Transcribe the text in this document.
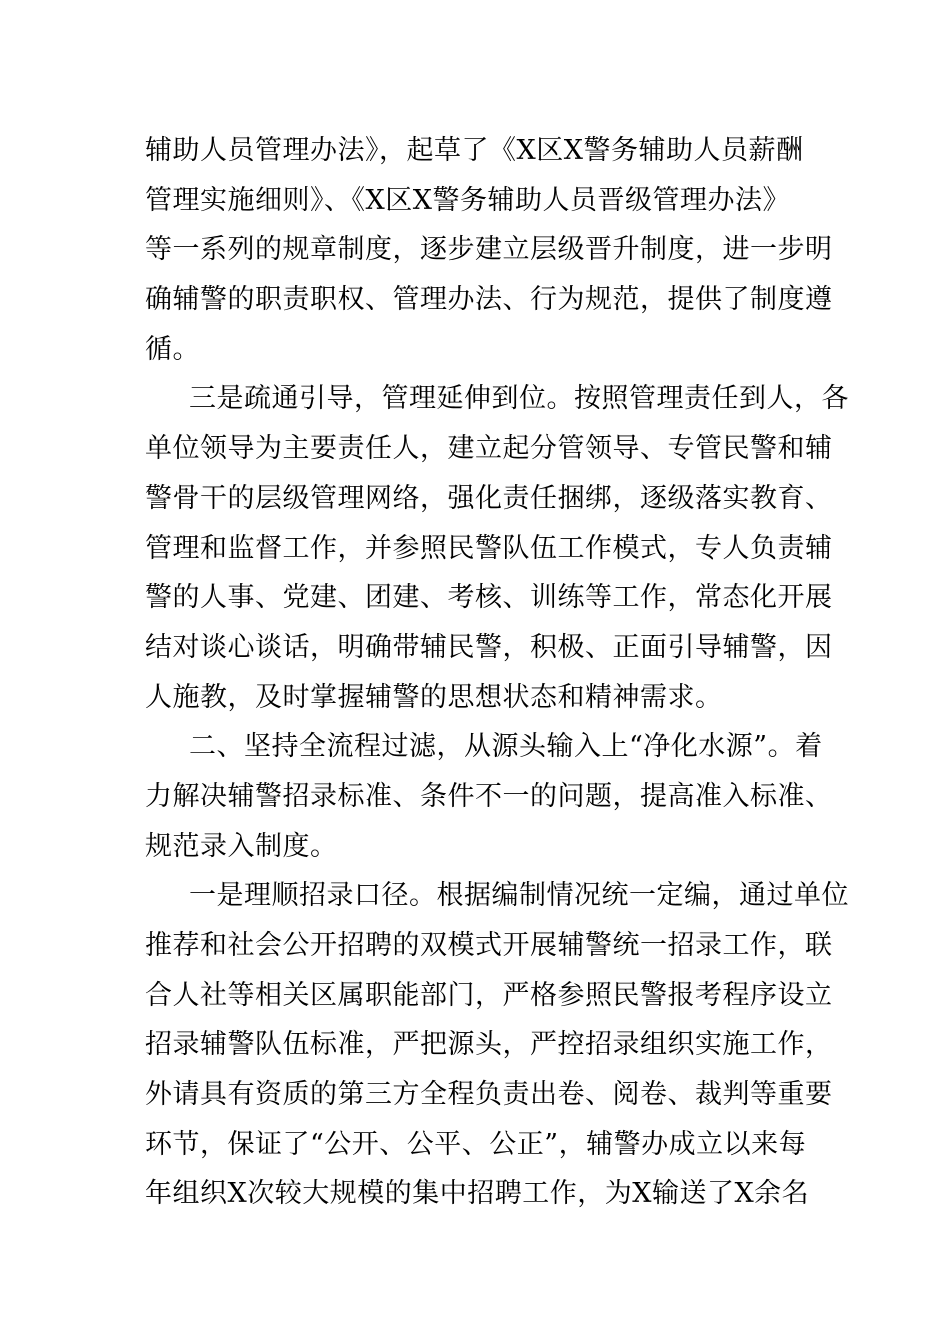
辅助人员管理办法》，起草了《X区X警务辅助人员薪酬
管理实施细则》、《X区X警务辅助人员晋级管理办法》
等一系列的规章制度，逐步建立层级晋升制度，进一步明
确辅警的职责职权、管理办法、行为规范，提供了制度遵
循。
三是疏通引导，管理延伸到位。按照管理责任到人，各
单位领导为主要责任人，建立起分管领导、专管民警和辅
警骨干的层级管理网络，强化责任捆绑，逐级落实教育、
管理和监督工作，并参照民警队伍工作模式，专人负责辅
警的人事、党建、团建、考核、训练等工作，常态化开展
结对谈心谈话，明确带辅民警，积极、正面引导辅警，因
人施教，及时掌握辅警的思想状态和精神需求。
二、坚持全流程过滤，从源头输入上“净化水源”。着
力解决辅警招录标准、条件不一的问题，提高准入标准、
规范录入制度。
一是理顺招录口径。根据编制情况统一定编，通过单位
推荐和社会公开招聘的双模式开展辅警统一招录工作，联
合人社等相关区属职能部门，严格参照民警报考程序设立
招录辅警队伍标准，严把源头，严控招录组织实施工作，
外请具有资质的第三方全程负责出卷、阅卷、裁判等重要
环节，保证了“公开、公平、公正”，辅警办成立以来每
年组织X次较大规模的集中招聘工作，为X输送了X余名
